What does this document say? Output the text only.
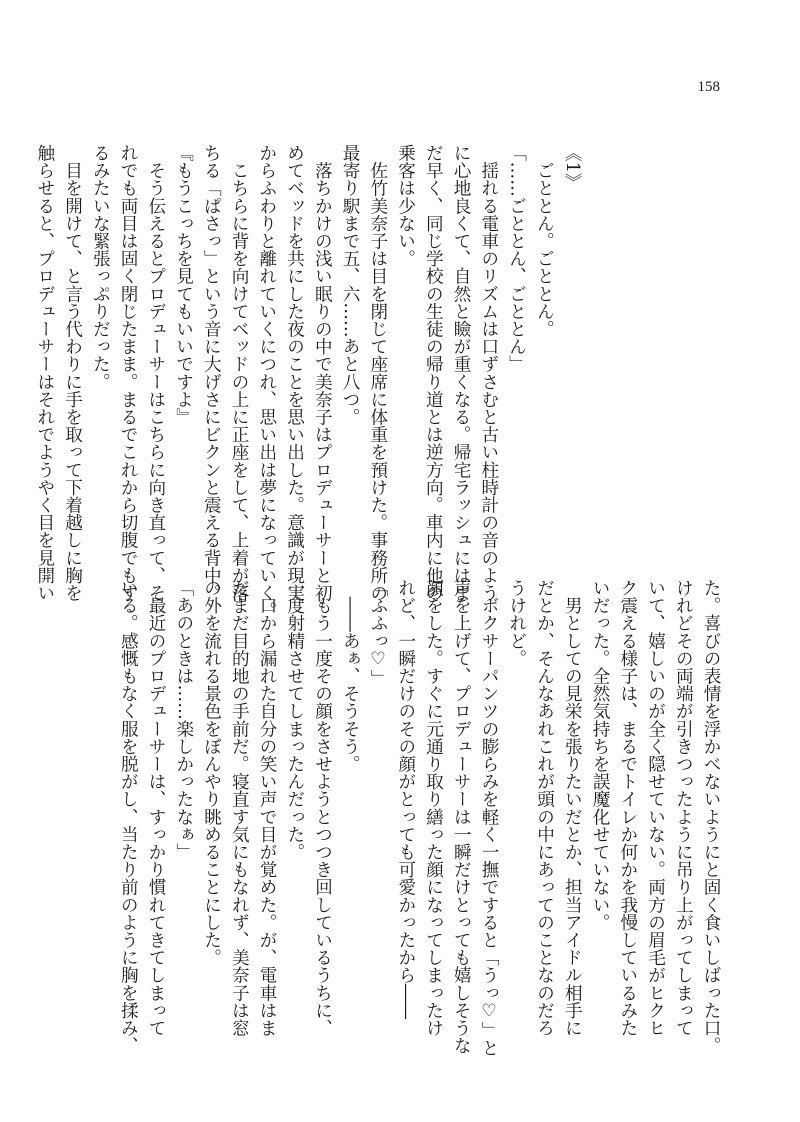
158
《1》
　ごととん。ごととん。
「……ごととん、ごととん」
　揺れる電車のリズムは口ずさむと古い柱時計の音のよう
に心地良くて、自然と瞼が重くなる。帰宅ラッシュにはま
だ早く、同じ学校の生徒の帰り道とは逆方向。車内に他の
乗客は少ない。
　佐竹美奈子は目を閉じて座席に体重を預けた。事務所の
最寄り駅まで五、六……あと八つ。
　落ちかけの浅い眠りの中で美奈子はプロデューサーと初
めてベッドを共にした夜のことを思い出した。意識が現実
からふわりと離れていくにつれ、思い出は夢になっていく。
　こちらに背を向けてベッドの上に正座をして、上着が落
ちる「ぱさっ」という音に大げさにビクンと震える背中。
『もうこっちを見てもいいですよ』
　そう伝えるとプロデューサーはこちらに向き直って、そ
れでも両目は固く閉じたまま。まるでこれから切腹でもす
るみたいな緊張っぷりだった。
　目を開けて、と言う代わりに手を取って下着越しに胸を
触らせると、プロデューサーはそれでようやく目を見開い
た。喜びの表情を浮かべないようにと固く食いしばった口。
けれどその両端が引きつったように吊り上がってしまって
いて、嬉しいのが全く隠せていない。両方の眉毛がヒクヒ
ク震える様子は、まるでトイレか何かを我慢しているみた
いだった。全然気持ちを誤魔化せていない。
　男としての見栄を張りたいだとか、担当アイドル相手に
だとか、そんなあれこれが頭の中にあってのことなのだろ
うけれど。
　ボクサーパンツの膨らみを軽く一撫ですると「うっ♡」と
声を上げて、プロデューサーは一瞬だけとっても嬉しそうな
顔をした。すぐに元通り取り繕った顔になってしまったけ
れど、一瞬だけのその顔がとっても可愛かったから――
「ふふっ♡」
　――あぁ、そうそう。
　もう一度その顔をさせようとつつき回しているうちに、
一度射精させてしまったんだった。
　口から漏れた自分の笑い声で目が覚めた。が、電車はま
だまだ目的地の手前だ。寝直す気にもなれず、美奈子は窓
の外を流れる景色をぼんやり眺めることにした。
「あのときは……楽しかったなぁ」
　最近のプロデューサーは、すっかり慣れてきてしまって
いる。感慨もなく服を脱がし、当たり前のように胸を揉み、
